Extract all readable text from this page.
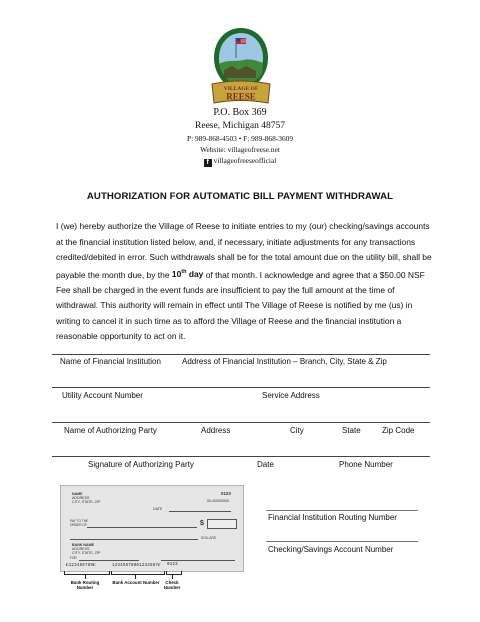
VILLAGE OF
REESE
P.O. Box 369
Reese, Michigan 48757
P: 989-868-4503 • F: 989-868-3609
Website: villageofreese.net
f villageofreeseofficial
AUTHORIZATION FOR AUTOMATIC BILL PAYMENT WITHDRAWAL

I (we) hereby authorize the Village of Reese to initiate entries to my (our) checking/savings accounts at the financial institution listed below, and, if necessary, initiate adjustments for any transactions credited/debited in error. Such withdrawals shall be for the total amount due on the utility bill, shall be payable the month due, by the 10th day of that month. I acknowledge and agree that a $50.00 NSF Fee shall be charged in the event funds are insufficient to pay the full amount at the time of withdrawal. This authority will remain in effect until The Village of Reese is notified by me (us) in writing to cancel it in such time as to afford the Village of Reese and the financial institution a reasonable opportunity to act on it.

Name of Financial Institution	Address of Financial Institution – Branch, City, State & Zip
Utility Account Number	Service Address
Name of Authorizing Party	Address	City	State	Zip Code
Signature of Authorizing Party	Date	Phone Number
NAME
ADDRESS
CITY, STATE, ZIP
0123
00-0000/0000
DATE
PAY TO THE
ORDER OF	$
DOLLARS
BANK NAME
ADDRESS
CITY, STATE, ZIP
FOR
⑆123456789⑆	12345678901234567⑈ 0123
Bank Routing Number
Bank Account Number	Check Number
Financial Institution Routing Number
Checking/Savings Account Number
